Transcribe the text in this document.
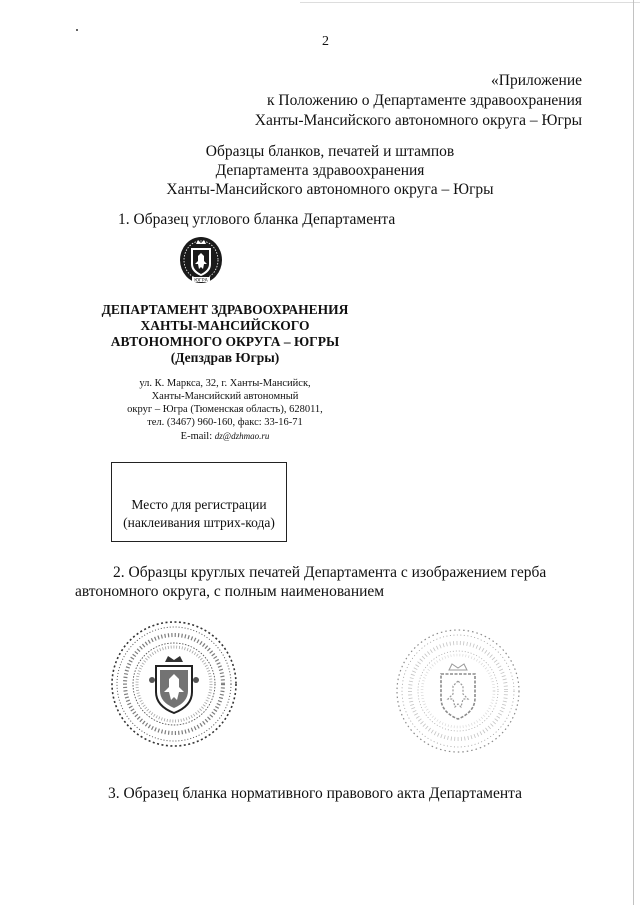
2
«Приложение
к Положению о Департаменте здравоохранения
Ханты-Мансийского автономного округа – Югры
Образцы бланков, печатей и штампов
Департамента здравоохранения
Ханты-Мансийского автономного округа – Югры
1. Образец углового бланка Департамента
ЮГРА
ДЕПАРТАМЕНТ ЗДРАВООХРАНЕНИЯ
ХАНТЫ-МАНСИЙСКОГО
АВТОНОМНОГО ОКРУГА – ЮГРЫ
(Депздрав Югры)
ул. К. Маркса, 32, г. Ханты-Мансийск,
Ханты-Мансийский автономный
округ – Югра (Тюменская область), 628011,
тел. (3467) 960-160, факс: 33-16-71
E-mail: dz@dzhmao.ru
Место для регистрации
(наклеивания штрих-кода)
2. Образцы круглых печатей Департамента с изображением герба
автономного округа, с полным наименованием
3. Образец бланка нормативного правового акта Департамента
